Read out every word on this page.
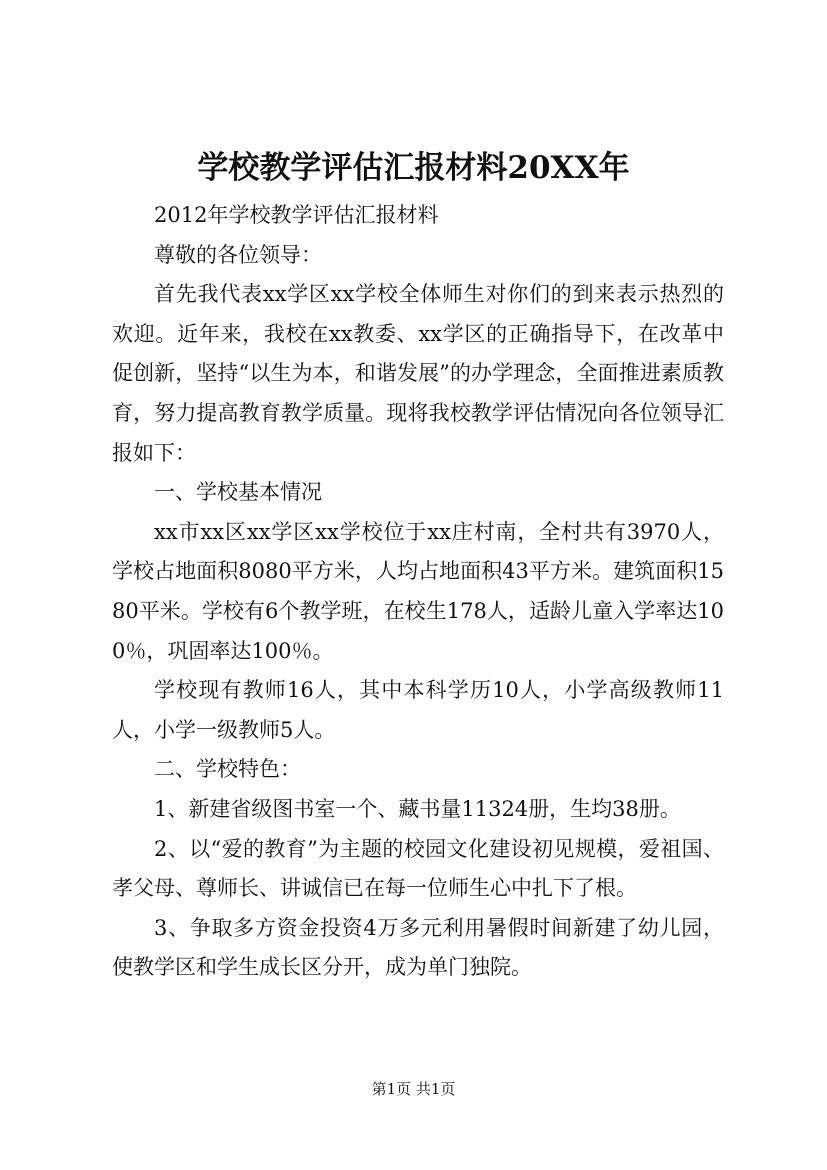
学校教学评估汇报材料20XX年

2012年学校教学评估汇报材料

尊敬的各位领导：

首先我代表xx学区xx学校全体师生对你们的到来表示热烈的欢迎。近年来，我校在xx教委、xx学区的正确指导下，在改革中促创新，坚持“以生为本，和谐发展”的办学理念，全面推进素质教育，努力提高教育教学质量。现将我校教学评估情况向各位领导汇报如下：

一、学校基本情况

xx市xx区xx学区xx学校位于xx庄村南，全村共有3970人，学校占地面积8080平方米，人均占地面积43平方米。建筑面积1580平米。学校有6个教学班，在校生178人，适龄儿童入学率达100％，巩固率达100％。

学校现有教师16人，其中本科学历10人，小学高级教师11人，小学一级教师5人。

二、学校特色：

1、新建省级图书室一个、藏书量11324册，生均38册。

2、以“爱的教育”为主题的校园文化建设初见规模，爱祖国、孝父母、尊师长、讲诚信已在每一位师生心中扎下了根。

3、争取多方资金投资4万多元利用暑假时间新建了幼儿园，使教学区和学生成长区分开，成为单门独院。

第1页 共1页
